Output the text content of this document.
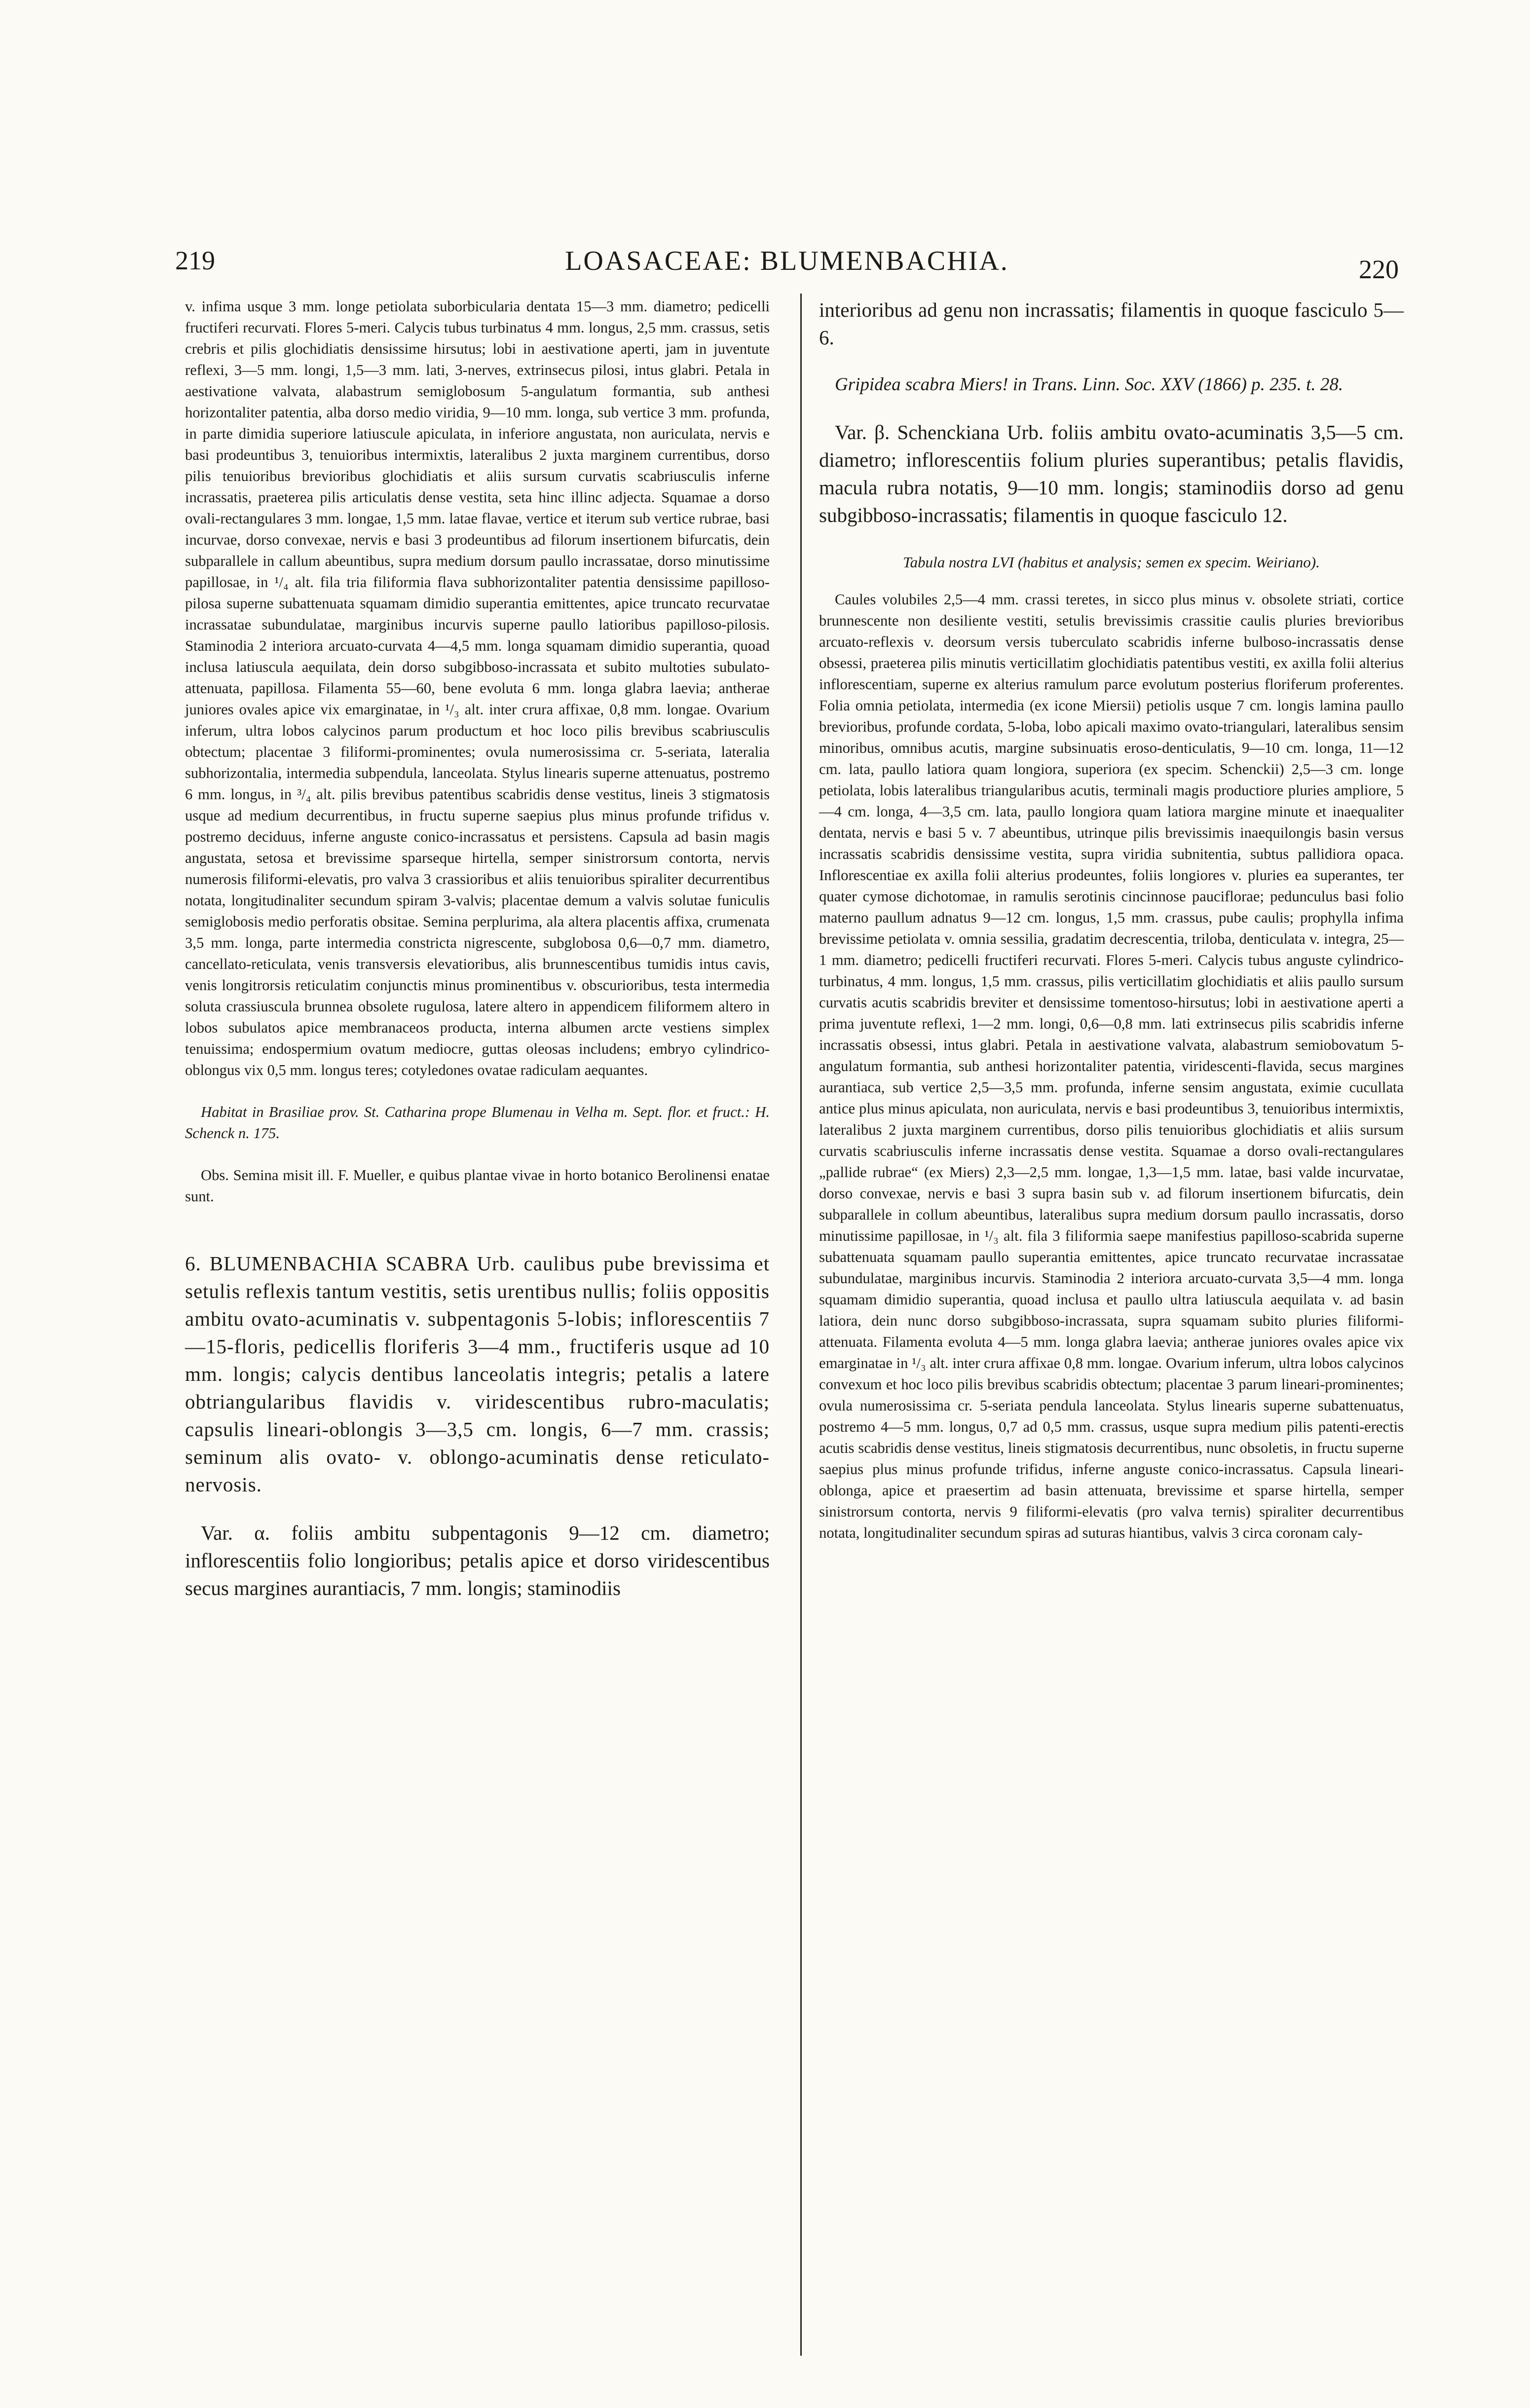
219	LOASACEAE: BLUMENBACHIA.	220

v. infima usque 3 mm. longe petiolata suborbicularia dentata 15—3 mm. diametro; pedicelli fructiferi recurvati. Flores 5-meri. Calycis tubus turbinatus 4 mm. longus, 2,5 mm. crassus, setis crebris et pilis glochidiatis densissime hirsutus; lobi in aestivatione aperti, jam in juventute reflexi, 3—5 mm. longi, 1,5—3 mm. lati, 3-nerves, extrinsecus pilosi, intus glabri. Petala in aestivatione valvata, alabastrum semiglobosum 5-angulatum formantia, sub anthesi horizontaliter patentia, alba dorso medio viridia, 9—10 mm. longa, sub vertice 3 mm. profunda, in parte dimidia superiore latiuscule apiculata, in inferiore angustata, non auriculata, nervis e basi prodeuntibus 3, tenuioribus intermixtis, lateralibus 2 juxta marginem currentibus, dorso pilis tenuioribus brevioribus glochidiatis et aliis sursum curvatis scabriusculis inferne incrassatis, praeterea pilis articulatis dense vestita, seta hinc illinc adjecta. Squamae a dorso ovali-rectangulares 3 mm. longae, 1,5 mm. latae flavae, vertice et iterum sub vertice rubrae, basi incurvae, dorso convexae, nervis e basi 3 prodeuntibus ad filorum insertionem bifurcatis, dein subparallele in callum abeuntibus, supra medium dorsum paullo incrassatae, dorso minutissime papillosae, in ¹/₄ alt. fila tria filiformia flava subhorizontaliter patentia densissime papilloso-pilosa superne subattenuata squamam dimidio superantia emittentes, apice truncato recurvatae incrassatae subundulatae, marginibus incurvis superne paullo latioribus papilloso-pilosis. Staminodia 2 interiora arcuato-curvata 4—4,5 mm. longa squamam dimidio superantia, quoad inclusa latiuscula aequilata, dein dorso subgibboso-incrassata et subito multoties subulato-attenuata, papillosa. Filamenta 55—60, bene evoluta 6 mm. longa glabra laevia; antherae juniores ovales apice vix emarginatae, in ¹/₃ alt. inter crura affixae, 0,8 mm. longae. Ovarium inferum, ultra lobos calycinos parum productum et hoc loco pilis brevibus scabriusculis obtectum; placentae 3 filiformi-prominentes; ovula numerosissima cr. 5-seriata, lateralia subhorizontalia, intermedia subpendula, lanceolata. Stylus linearis superne attenuatus, postremo 6 mm. longus, in ³/₄ alt. pilis brevibus patentibus scabridis dense vestitus, lineis 3 stigmatosis usque ad medium decurrentibus, in fructu superne saepius plus minus profunde trifidus v. postremo deciduus, inferne anguste conico-incrassatus et persistens. Capsula ad basin magis angustata, setosa et brevissime sparseque hirtella, semper sinistrorsum contorta, nervis numerosis filiformi-elevatis, pro valva 3 crassioribus et aliis tenuioribus spiraliter decurrentibus notata, longitudinaliter secundum spiram 3-valvis; placentae demum a valvis solutae funiculis semiglobosis medio perforatis obsitae. Semina perplurima, ala altera placentis affixa, crumenata 3,5 mm. longa, parte intermedia constricta nigrescente, subglobosa 0,6—0,7 mm. diametro, cancellato-reticulata, venis transversis elevatioribus, alis brunnescentibus tumidis intus cavis, venis longitrorsis reticulatim conjunctis minus prominentibus v. obscurioribus, testa intermedia soluta crassiuscula brunnea obsolete rugulosa, latere altero in appendicem filiformem altero in lobos subulatos apice membranaceos producta, interna albumen arcte vestiens simplex tenuissima; endospermium ovatum mediocre, guttas oleosas includens; embryo cylindrico-oblongus vix 0,5 mm. longus teres; cotyledones ovatae radiculam aequantes.

Habitat in Brasiliae prov. St. Catharina prope Blumenau in Velha m. Sept. flor. et fruct.: H. Schenck n. 175.

Obs. Semina misit ill. F. Mueller, e quibus plantae vivae in horto botanico Berolinensi enatae sunt.

6. BLUMENBACHIA SCABRA Urb. caulibus pube brevissima et setulis reflexis tantum vestitis, setis urentibus nullis; foliis oppositis ambitu ovato-acuminatis v. subpentagonis 5-lobis; inflorescentiis 7—15-floris, pedicellis floriferis 3—4 mm., fructiferis usque ad 10 mm. longis; calycis dentibus lanceolatis integris; petalis a latere obtriangularibus flavidis v. viridescentibus rubro-maculatis; capsulis lineari-oblongis 3—3,5 cm. longis, 6—7 mm. crassis; seminum alis ovato- v. oblongo-acuminatis dense reticulato-nervosis.

Var. α. foliis ambitu subpentagonis 9—12 cm. diametro; inflorescentiis folio longioribus; petalis apice et dorso viridescentibus secus margines aurantiacis, 7 mm. longis; staminodiis

interioribus ad genu non incrassatis; filamentis in quoque fasciculo 5—6.

Gripidea scabra Miers! in Trans. Linn. Soc. XXV (1866) p. 235. t. 28.

Var. β. Schenckiana Urb. foliis ambitu ovato-acuminatis 3,5—5 cm. diametro; inflorescentiis folium pluries superantibus; petalis flavidis, macula rubra notatis, 9—10 mm. longis; staminodiis dorso ad genu subgibboso-incrassatis; filamentis in quoque fasciculo 12.

Tabula nostra LVI (habitus et analysis; semen ex specim. Weiriano).

Caules volubiles 2,5—4 mm. crassi teretes, in sicco plus minus v. obsolete striati, cortice brunnescente non desiliente vestiti, setulis brevissimis crassitie caulis pluries brevioribus arcuato-reflexis v. deorsum versis tuberculato scabridis inferne bulboso-incrassatis dense obsessi, praeterea pilis minutis verticillatim glochidiatis patentibus vestiti, ex axilla folii alterius inflorescentiam, superne ex alterius ramulum parce evolutum posterius floriferum proferentes. Folia omnia petiolata, intermedia (ex icone Miersii) petiolis usque 7 cm. longis lamina paullo brevioribus, profunde cordata, 5-loba, lobo apicali maximo ovato-triangulari, lateralibus sensim minoribus, omnibus acutis, margine subsinuatis eroso-denticulatis, 9—10 cm. longa, 11—12 cm. lata, paullo latiora quam longiora, superiora (ex specim. Schenckii) 2,5—3 cm. longe petiolata, lobis lateralibus triangularibus acutis, terminali magis productiore pluries ampliore, 5—4 cm. longa, 4—3,5 cm. lata, paullo longiora quam latiora margine minute et inaequaliter dentata, nervis e basi 5 v. 7 abeuntibus, utrinque pilis brevissimis inaequilongis basin versus incrassatis scabridis densissime vestita, supra viridia subnitentia, subtus pallidiora opaca. Inflorescentiae ex axilla folii alterius prodeuntes, foliis longiores v. pluries ea superantes, ter quater cymose dichotomae, in ramulis serotinis cincinnose pauciflorae; pedunculus basi folio materno paullum adnatus 9—12 cm. longus, 1,5 mm. crassus, pube caulis; prophylla infima brevissime petiolata v. omnia sessilia, gradatim decrescentia, triloba, denticulata v. integra, 25—1 mm. diametro; pedicelli fructiferi recurvati. Flores 5-meri. Calycis tubus anguste cylindrico-turbinatus, 4 mm. longus, 1,5 mm. crassus, pilis verticillatim glochidiatis et aliis paullo sursum curvatis acutis scabridis breviter et densissime tomentoso-hirsutus; lobi in aestivatione aperti a prima juventute reflexi, 1—2 mm. longi, 0,6—0,8 mm. lati extrinsecus pilis scabridis inferne incrassatis obsessi, intus glabri. Petala in aestivatione valvata, alabastrum semiobovatum 5-angulatum formantia, sub anthesi horizontaliter patentia, viridescenti-flavida, secus margines aurantiaca, sub vertice 2,5—3,5 mm. profunda, inferne sensim angustata, eximie cucullata antice plus minus apiculata, non auriculata, nervis e basi prodeuntibus 3, tenuioribus intermixtis, lateralibus 2 juxta marginem currentibus, dorso pilis tenuioribus glochidiatis et aliis sursum curvatis scabriusculis inferne incrassatis dense vestita. Squamae a dorso ovali-rectangulares „pallide rubrae“ (ex Miers) 2,3—2,5 mm. longae, 1,3—1,5 mm. latae, basi valde incurvatae, dorso convexae, nervis e basi 3 supra basin sub v. ad filorum insertionem bifurcatis, dein subparallele in collum abeuntibus, lateralibus supra medium dorsum paullo incrassatis, dorso minutissime papillosae, in ¹/₃ alt. fila 3 filiformia saepe manifestius papilloso-scabrida superne subattenuata squamam paullo superantia emittentes, apice truncato recurvatae incrassatae subundulatae, marginibus incurvis. Staminodia 2 interiora arcuato-curvata 3,5—4 mm. longa squamam dimidio superantia, quoad inclusa et paullo ultra latiuscula aequilata v. ad basin latiora, dein nunc dorso subgibboso-incrassata, supra squamam subito pluries filiformi-attenuata. Filamenta evoluta 4—5 mm. longa glabra laevia; antherae juniores ovales apice vix emarginatae in ¹/₃ alt. inter crura affixae 0,8 mm. longae. Ovarium inferum, ultra lobos calycinos convexum et hoc loco pilis brevibus scabridis obtectum; placentae 3 parum lineari-prominentes; ovula numerosissima cr. 5-seriata pendula lanceolata. Stylus linearis superne subattenuatus, postremo 4—5 mm. longus, 0,7 ad 0,5 mm. crassus, usque supra medium pilis patenti-erectis acutis scabridis dense vestitus, lineis stigmatosis decurrentibus, nunc obsoletis, in fructu superne saepius plus minus profunde trifidus, inferne anguste conico-incrassatus. Capsula lineari-oblonga, apice et praesertim ad basin attenuata, brevissime et sparse hirtella, semper sinistrorsum contorta, nervis 9 filiformi-elevatis (pro valva ternis) spiraliter decurrentibus notata, longitudinaliter secundum spiras ad suturas hiantibus, valvis 3 circa coronam caly-
